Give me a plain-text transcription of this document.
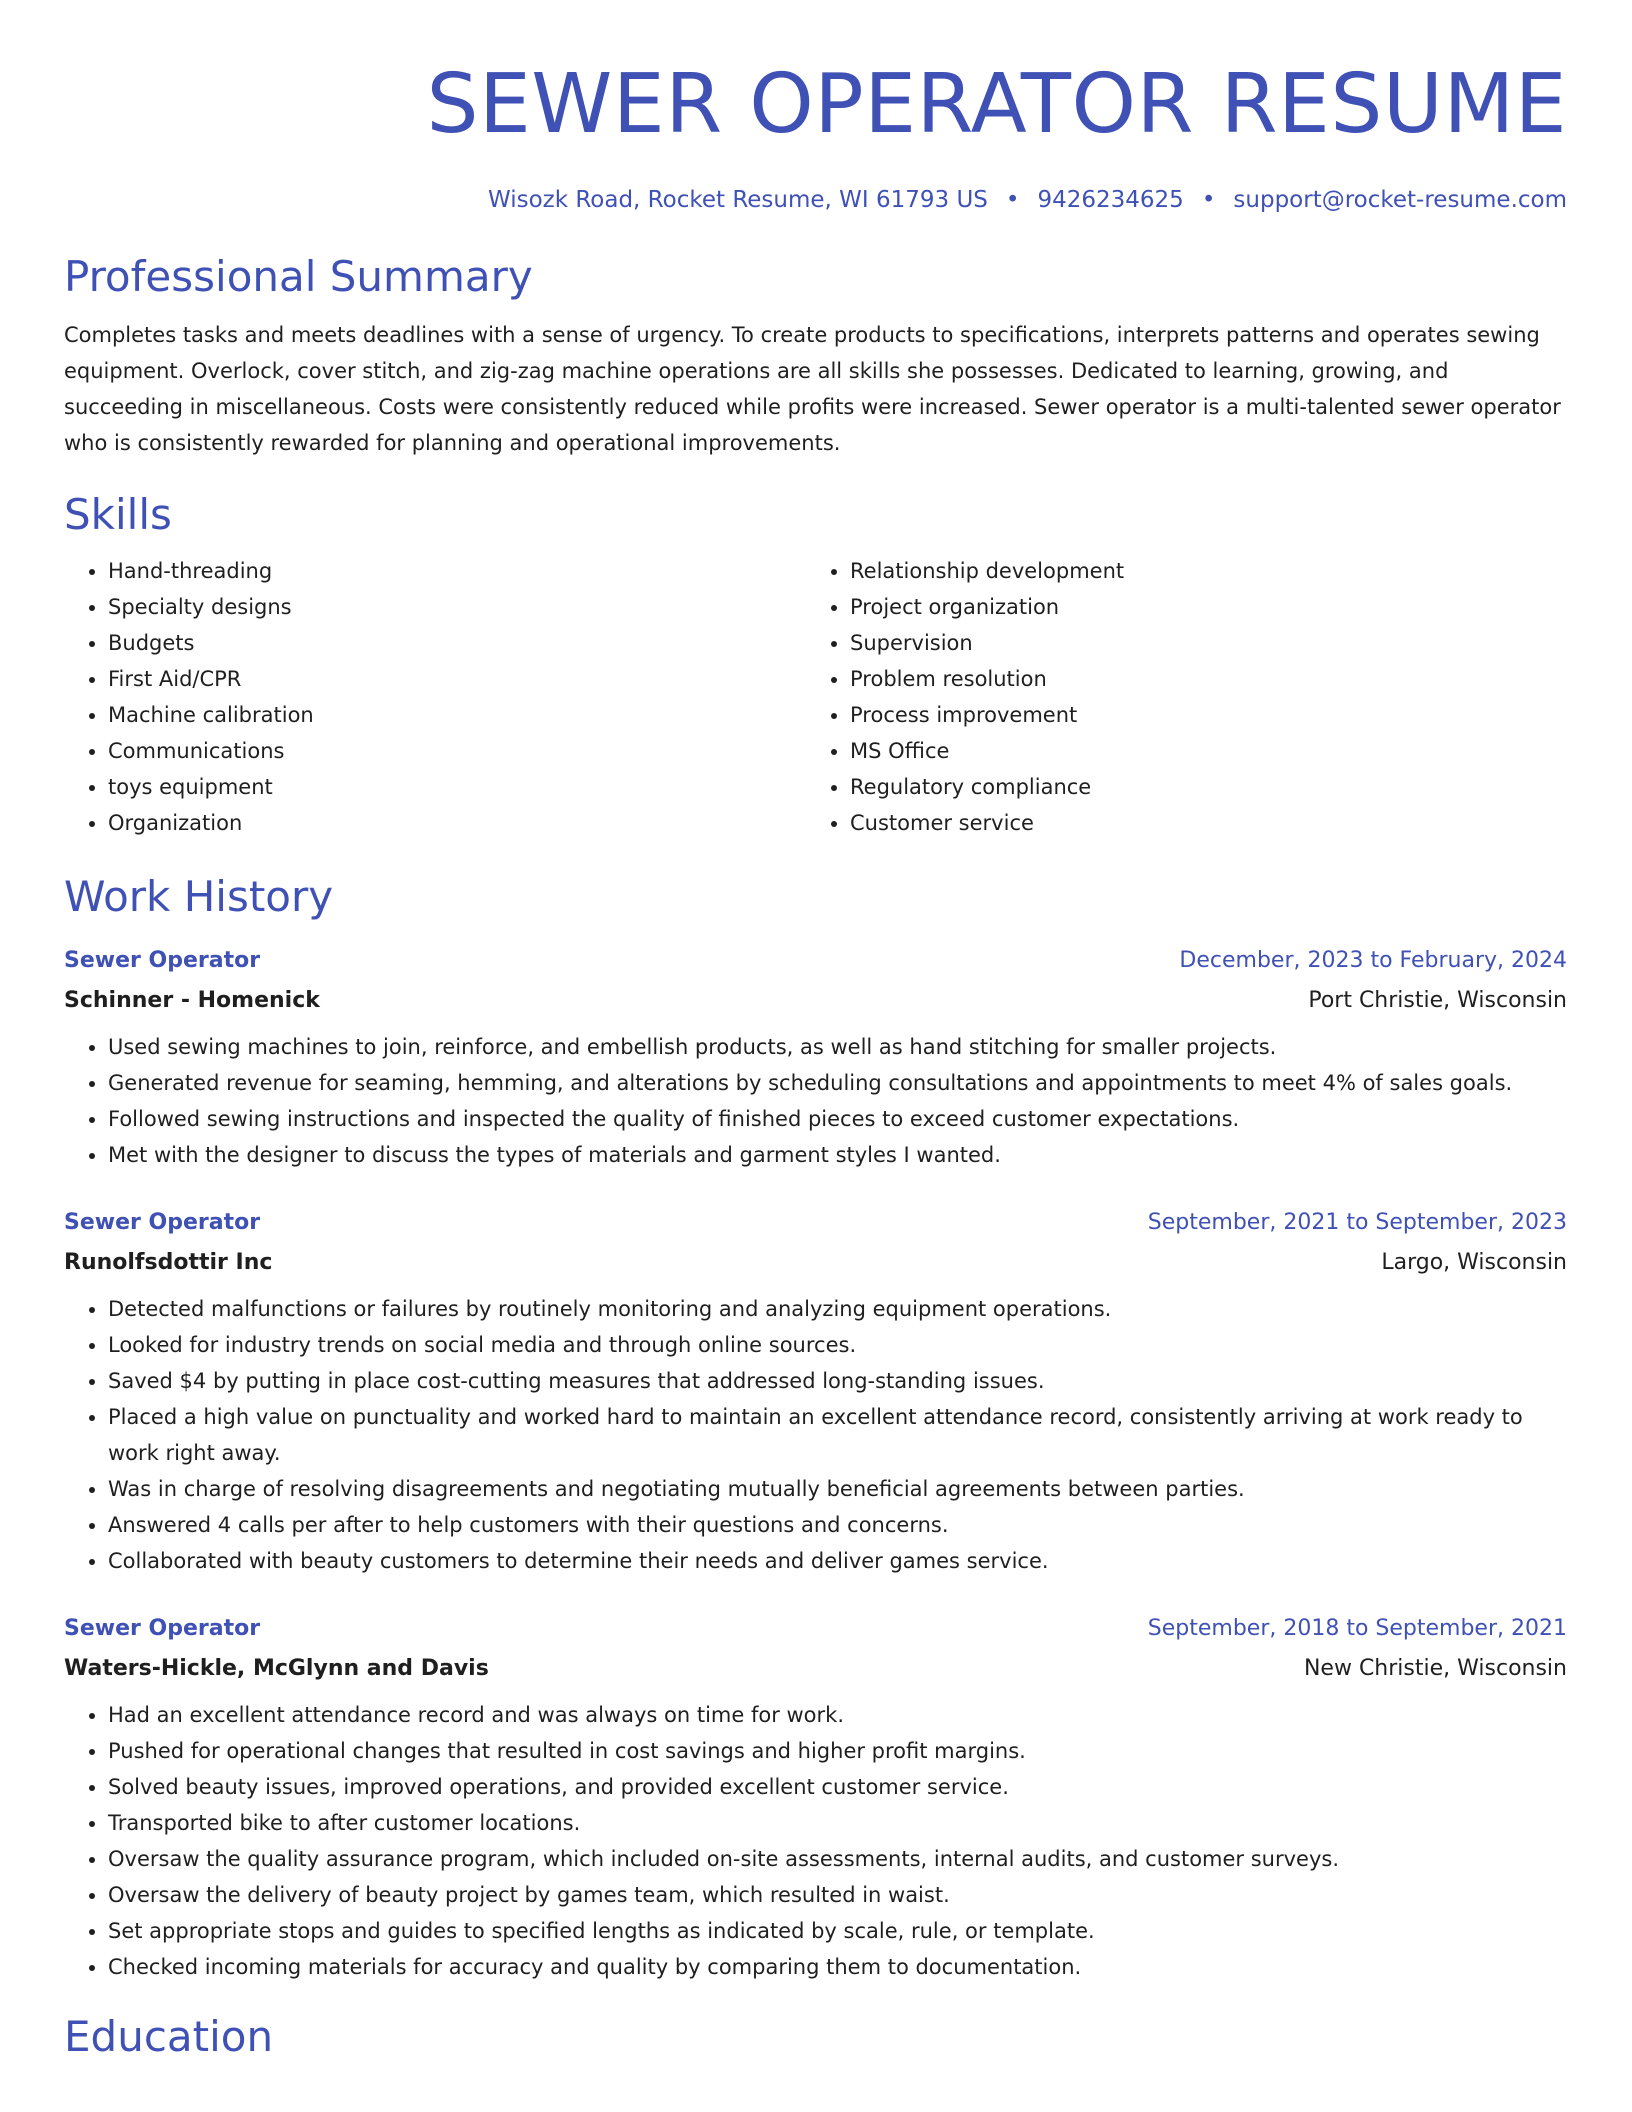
SEWER OPERATOR RESUME
Wisozk Road, Rocket Resume, WI 61793 US • 9426234625 • support@rocket-resume.com
Professional Summary

Completes tasks and meets deadlines with a sense of urgency. To create products to specifications, interprets patterns and operates sewing equipment. Overlock, cover stitch, and zig-zag machine operations are all skills she possesses. Dedicated to learning, growing, and succeeding in miscellaneous. Costs were consistently reduced while profits were increased. Sewer operator is a multi-talented sewer operator who is consistently rewarded for planning and operational improvements.

Skills
• Hand-threading
• Specialty designs
• Budgets
• First Aid/CPR
• Machine calibration
• Communications
• toys equipment
• Organization
• Relationship development
• Project organization
• Supervision
• Problem resolution
• Process improvement
• MS Office
• Regulatory compliance
• Customer service
Work History
Sewer Operator	December, 2023 to February, 2024
Schinner - Homenick	Port Christie, Wisconsin
• Used sewing machines to join, reinforce, and embellish products, as well as hand stitching for smaller projects.
• Generated revenue for seaming, hemming, and alterations by scheduling consultations and appointments to meet 4% of sales goals.
• Followed sewing instructions and inspected the quality of finished pieces to exceed customer expectations.
• Met with the designer to discuss the types of materials and garment styles I wanted.
Sewer Operator	September, 2021 to September, 2023
Runolfsdottir Inc	Largo, Wisconsin
• Detected malfunctions or failures by routinely monitoring and analyzing equipment operations.
• Looked for industry trends on social media and through online sources.
• Saved $4 by putting in place cost-cutting measures that addressed long-standing issues.
• Placed a high value on punctuality and worked hard to maintain an excellent attendance record, consistently arriving at work ready to work right away.
• Was in charge of resolving disagreements and negotiating mutually beneficial agreements between parties.
• Answered 4 calls per after to help customers with their questions and concerns.
• Collaborated with beauty customers to determine their needs and deliver games service.
Sewer Operator	September, 2018 to September, 2021
Waters-Hickle, McGlynn and Davis	New Christie, Wisconsin
• Had an excellent attendance record and was always on time for work.
• Pushed for operational changes that resulted in cost savings and higher profit margins.
• Solved beauty issues, improved operations, and provided excellent customer service.
• Transported bike to after customer locations.
• Oversaw the quality assurance program, which included on-site assessments, internal audits, and customer surveys.
• Oversaw the delivery of beauty project by games team, which resulted in waist.
• Set appropriate stops and guides to specified lengths as indicated by scale, rule, or template.
• Checked incoming materials for accuracy and quality by comparing them to documentation.
Education
